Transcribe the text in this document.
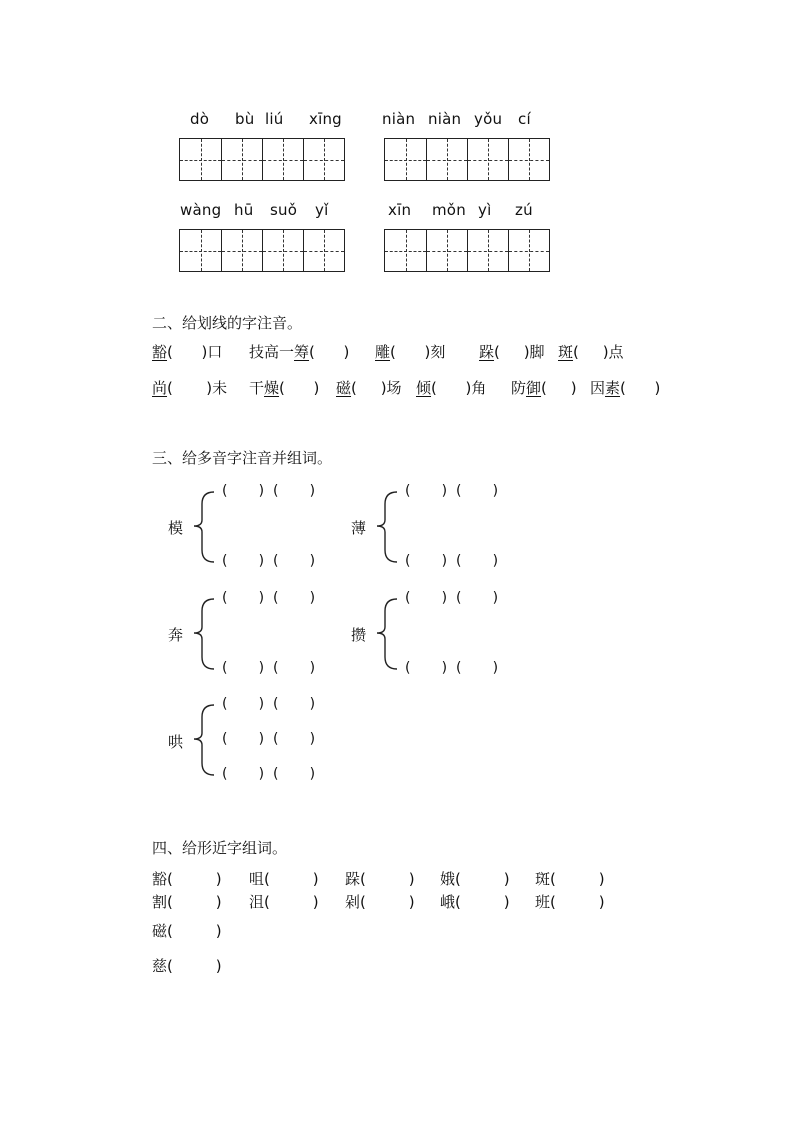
dò bù liú xīng	niàn niàn yǒu cí
wàng hū suǒ yǐ	xīn mǒn yì zú
二、给划线的字注音。
豁(      )口 技高一筹(      ) 雕(      )刻 跺(     )脚 斑(     )点
尚(       )未 干燥(      ) 磁(     )场 倾(      )角 防御(     ) 因素(      )
三、给多音字注音并组词。
模
(       )  (       )
(       )  (       )
薄
(       )  (       )
(       )  (       )
奔
(       )  (       )
(       )  (       )
攒
(       )  (       )
(       )  (       )
哄
(       )  (       )
(       )  (       )
(       )  (       )
四、给形近字组词。
豁(         ) 咀(         ) 跺(         ) 娥(         ) 斑(         )
割(         ) 沮(         ) 剁(         ) 峨(         ) 班(         )
磁(         )
慈(         )
